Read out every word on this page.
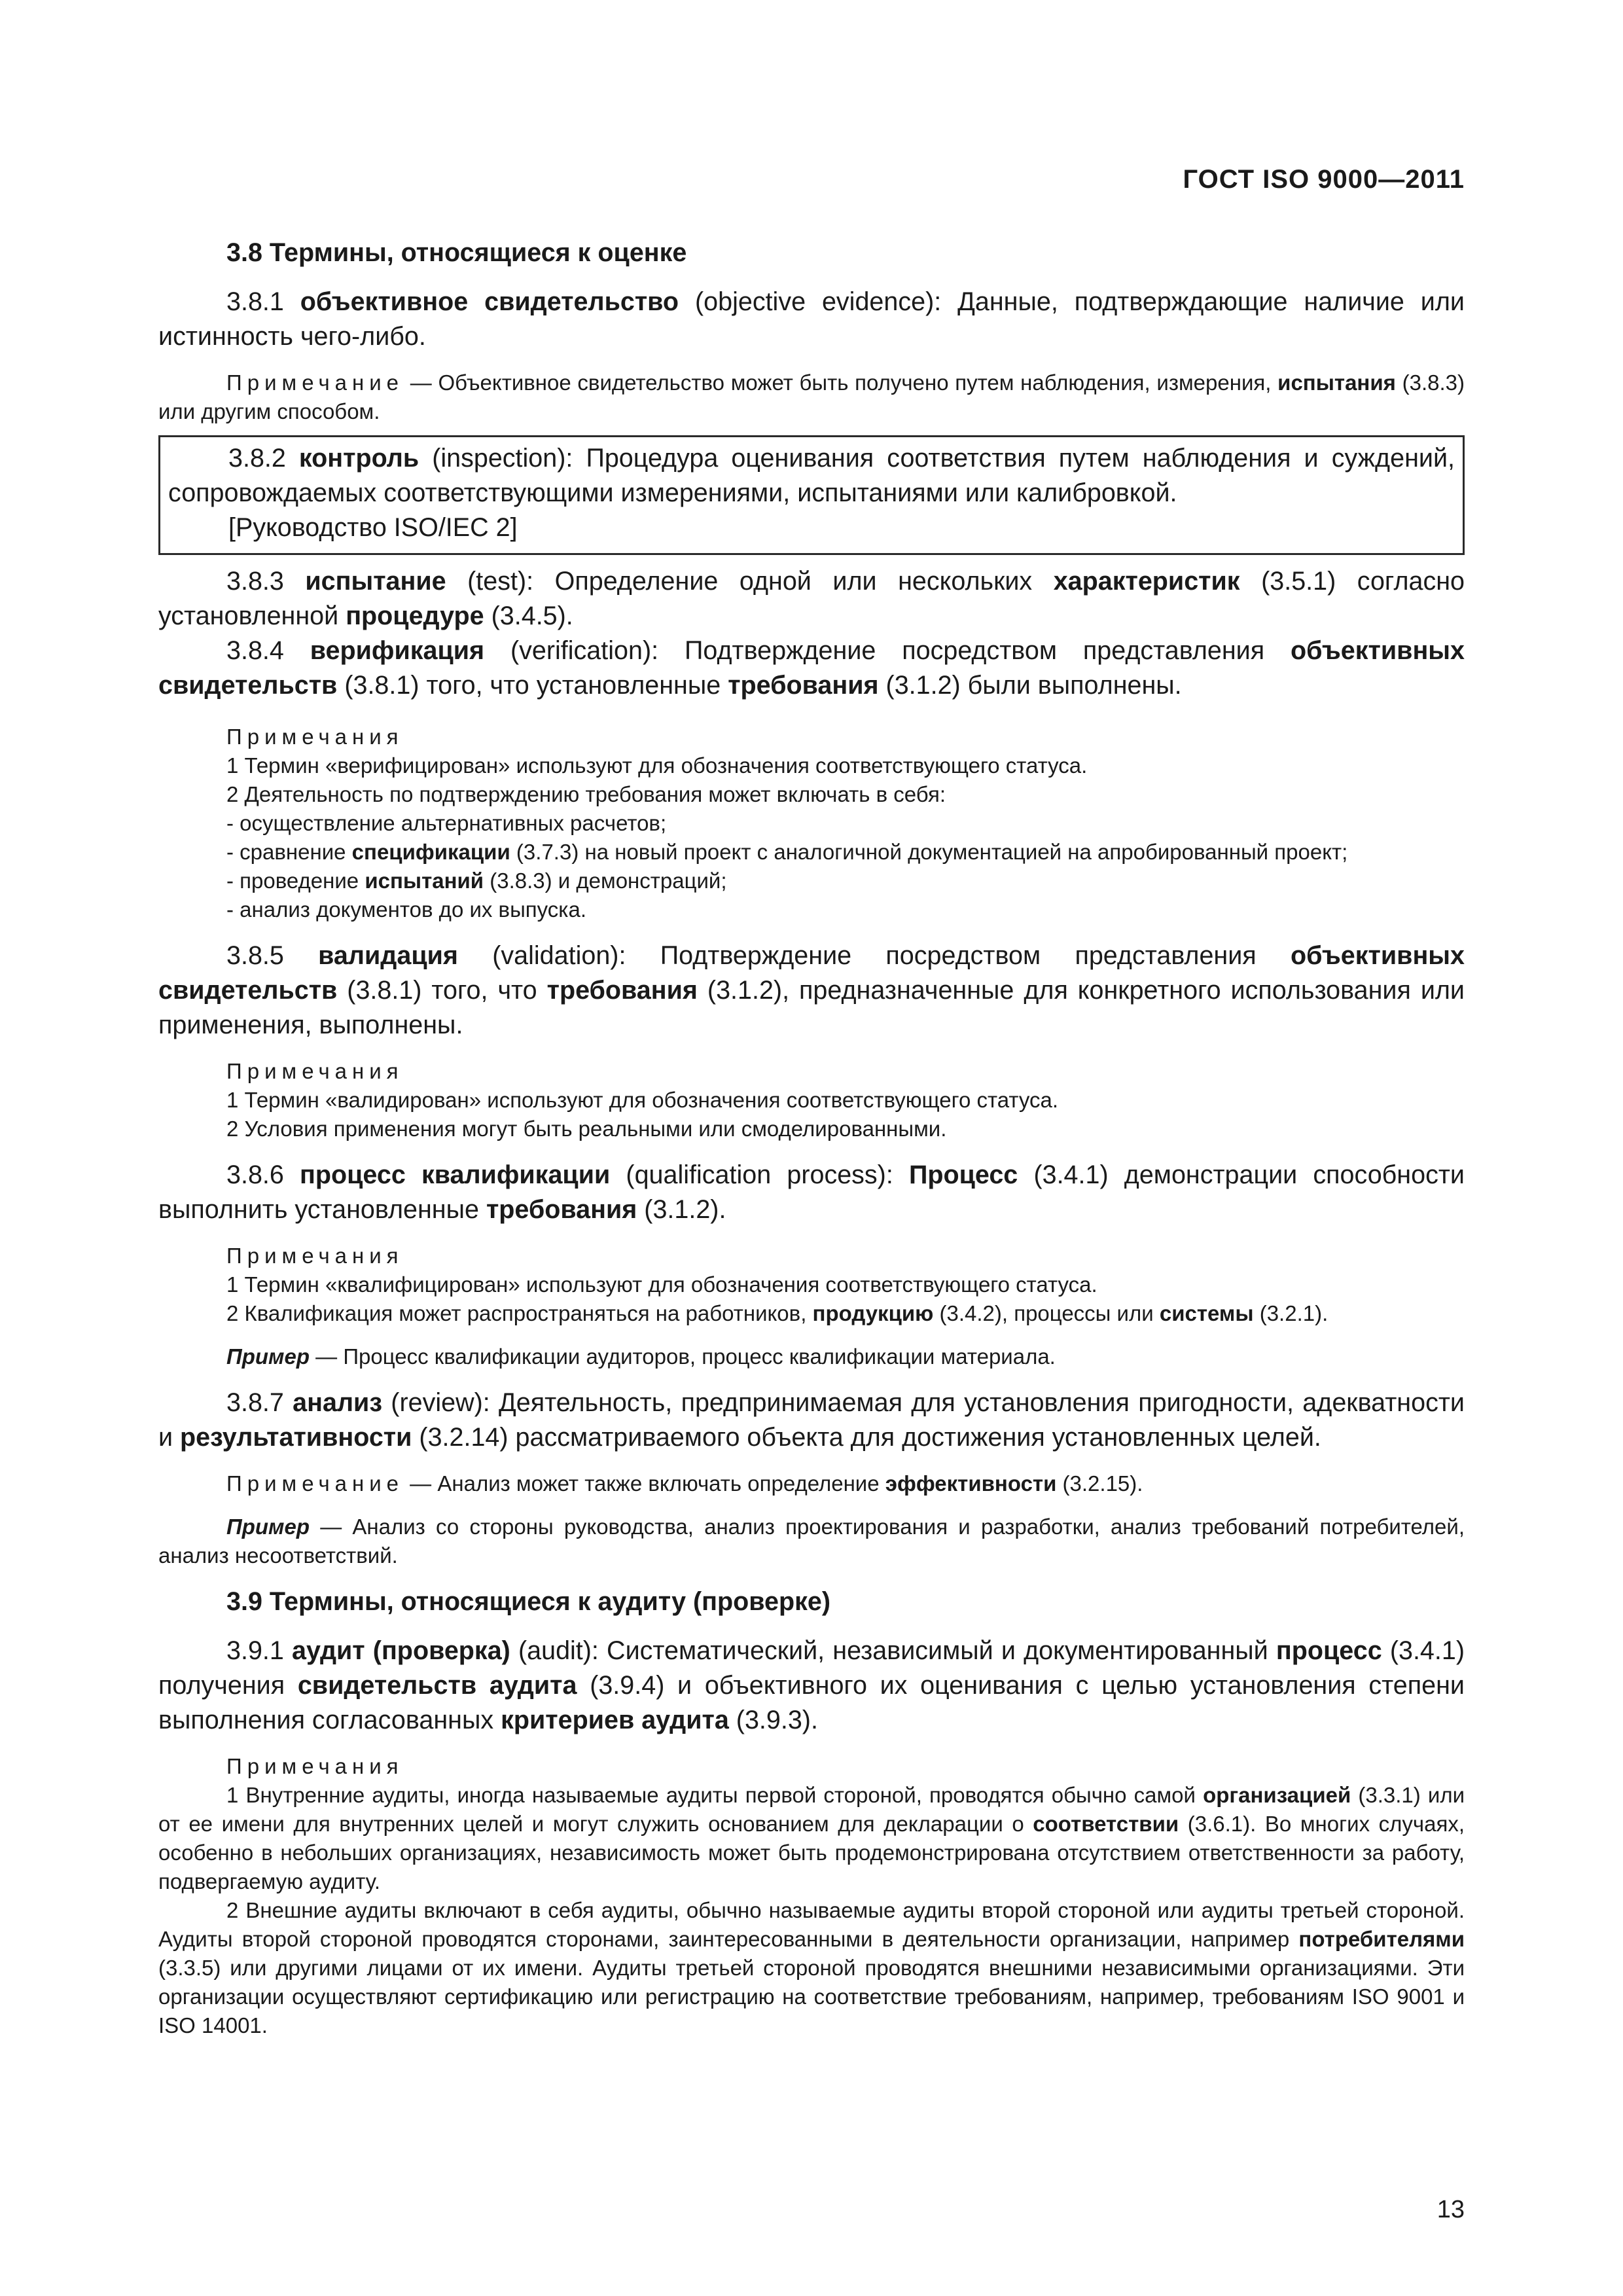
ГОСТ ISO 9000—2011

3.8 Термины, относящиеся к оценке

3.8.1 объективное свидетельство (objective evidence): Данные, подтверждающие наличие или истинность чего-либо.

Примечание — Объективное свидетельство может быть получено путем наблюдения, измерения, испытания (3.8.3) или другим способом.

3.8.2 контроль (inspection): Процедура оценивания соответствия путем наблюдения и суждений, сопровождаемых соответствующими измерениями, испытаниями или калибровкой.

[Руководство ISO/IEC 2]

3.8.3 испытание (test): Определение одной или нескольких характеристик (3.5.1) согласно установленной процедуре (3.4.5).

3.8.4 верификация (verification): Подтверждение посредством представления объективных свидетельств (3.8.1) того, что установленные требования (3.1.2) были выполнены.

Примечания

1 Термин «верифицирован» используют для обозначения соответствующего статуса.

2 Деятельность по подтверждению требования может включать в себя:

- осуществление альтернативных расчетов;

- сравнение спецификации (3.7.3) на новый проект с аналогичной документацией на апробированный проект;

- проведение испытаний (3.8.3) и демонстраций;

- анализ документов до их выпуска.

3.8.5 валидация (validation): Подтверждение посредством представления объективных свидетельств (3.8.1) того, что требования (3.1.2), предназначенные для конкретного использования или применения, выполнены.

Примечания

1 Термин «валидирован» используют для обозначения соответствующего статуса.

2 Условия применения могут быть реальными или смоделированными.

3.8.6 процесс квалификации (qualification process): Процесс (3.4.1) демонстрации способности выполнить установленные требования (3.1.2).

Примечания

1 Термин «квалифицирован» используют для обозначения соответствующего статуса.

2 Квалификация может распространяться на работников, продукцию (3.4.2), процессы или системы (3.2.1).

Пример — Процесс квалификации аудиторов, процесс квалификации материала.

3.8.7 анализ (review): Деятельность, предпринимаемая для установления пригодности, адекватности и результативности (3.2.14) рассматриваемого объекта для достижения установленных целей.

Примечание — Анализ может также включать определение эффективности (3.2.15).

Пример — Анализ со стороны руководства, анализ проектирования и разработки, анализ требований потребителей, анализ несоответствий.

3.9 Термины, относящиеся к аудиту (проверке)

3.9.1 аудит (проверка) (audit): Систематический, независимый и документированный процесс (3.4.1) получения свидетельств аудита (3.9.4) и объективного их оценивания с целью установления степени выполнения согласованных критериев аудита (3.9.3).

Примечания

1 Внутренние аудиты, иногда называемые аудиты первой стороной, проводятся обычно самой организацией (3.3.1) или от ее имени для внутренних целей и могут служить основанием для декларации о соответствии (3.6.1). Во многих случаях, особенно в небольших организациях, независимость может быть продемонстрирована отсутствием ответственности за работу, подвергаемую аудиту.

2 Внешние аудиты включают в себя аудиты, обычно называемые аудиты второй стороной или аудиты третьей стороной. Аудиты второй стороной проводятся сторонами, заинтересованными в деятельности организации, например потребителями (3.3.5) или другими лицами от их имени. Аудиты третьей стороной проводятся внешними независимыми организациями. Эти организации осуществляют сертификацию или регистрацию на соответствие требованиям, например, требованиям ISO 9001 и ISO 14001.

13
